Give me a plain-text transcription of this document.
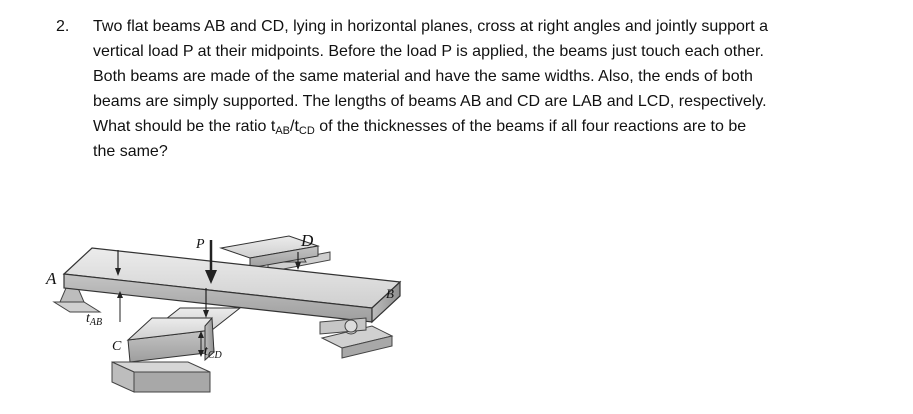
2. Two flat beams AB and CD, lying in horizontal planes, cross at right angles and jointly support a
vertical load P at their midpoints. Before the load P is applied, the beams just touch each other.
Both beams are made of the same material and have the same widths. Also, the ends of both
beams are simply supported. The lengths of beams AB and CD are LAB and LCD, respectively.
What should be the ratio tAB/tCD of the thicknesses of the beams if all four reactions are to be
the same?
A
B
C
D
P
$t_{AB}$
$t_{CD}$
